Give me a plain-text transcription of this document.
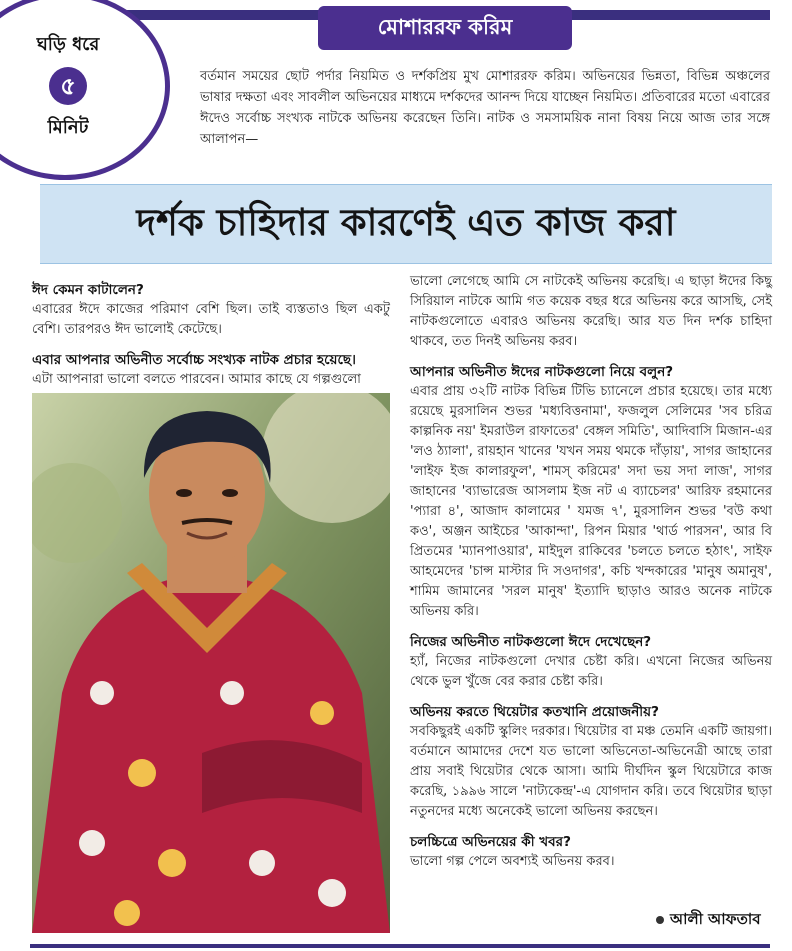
মোশাররফ করিম
ঘড়ি ধরে
৫
মিনিট
বর্তমান সময়ের ছোট পর্দার নিয়মিত ও দর্শকপ্রিয় মুখ মোশাররফ করিম। অভিনয়ের ভিন্নতা, বিভিন্ন অঞ্চলের ভাষার দক্ষতা এবং সাবলীল অভিনয়ের মাধ্যমে দর্শকদের আনন্দ দিয়ে যাচ্ছেন নিয়মিত। প্রতিবারের মতো এবারের ঈদেও সর্বোচ্চ সংখ্যক নাটকে অভিনয় করেছেন তিনি। নাটক ও সমসাময়িক নানা বিষয় নিয়ে আজ তার সঙ্গে আলাপন—
দর্শক চাহিদার কারণেই এত কাজ করা
ঈদ কেমন কাটালেন?
এবারের ঈদে কাজের পরিমাণ বেশি ছিল। তাই ব্যস্ততাও ছিল একটু বেশি। তারপরও ঈদ ভালোই কেটেছে।
এবার আপনার অভিনীত সর্বোচ্চ সংখ্যক নাটক প্রচার হয়েছে।
এটা আপনারা ভালো বলতে পারবেন। আমার কাছে যে গল্পগুলো
ভালো লেগেছে আমি সে নাটকেই অভিনয় করেছি। এ ছাড়া ঈদের কিছু সিরিয়াল নাটকে আমি গত কয়েক বছর ধরে অভিনয় করে আসছি, সেই নাটকগুলোতে এবারও অভিনয় করেছি। আর যত দিন দর্শক চাহিদা থাকবে, তত দিনই অভিনয় করব।
আপনার অভিনীত ঈদের নাটকগুলো নিয়ে বলুন?
এবার প্রায় ৩২টি নাটক বিভিন্ন টিভি চ্যানেলে প্রচার হয়েছে। তার মধ্যে রয়েছে মুরসালিন শুভর 'মধ্যবিত্তনামা', ফজলুল সেলিমের 'সব চরিত্র কাল্পনিক নয়' ইমরাউল রাফাতের' বেঙ্গল সমিতি', আদিবাসি মিজান-এর 'লও ঠ্যালা', রায়হান খানের 'যখন সময় থমকে দাঁড়ায়', সাগর জাহানের 'লাইফ ইজ কালারফুল', শামস্ করিমের' সদা ভয় সদা লাজ', সাগর জাহানের 'ব্যাভারেজ আসলাম ইজ নট এ ব্যাচেলর' আরিফ রহমানের 'প্যারা ৪', আজাদ কালামের ' যমজ ৭', মুরসালিন শুভর 'বউ কথা কও', অঞ্জন আইচের 'আকান্দা', রিপন মিয়ার 'থার্ড পারসন', আর বি প্রিতমের 'ম্যানপাওয়ার', মাইদুল রাকিবের 'চলতে চলতে হঠাৎ', সাইফ আহমেদের 'চান্স মাস্টার দি সওদাগর', কচি খন্দকারের 'মানুষ অমানুষ', শামিম জামানের 'সরল মানুষ' ইত্যাদি ছাড়াও আরও অনেক নাটকে অভিনয় করি।
নিজের অভিনীত নাটকগুলো ঈদে দেখেছেন?
হ্যাঁ, নিজের নাটকগুলো দেখার চেষ্টা করি। এখনো নিজের অভিনয় থেকে ভুল খুঁজে বের করার চেষ্টা করি।
অভিনয় করতে থিয়েটার কতখানি প্রয়োজনীয়?
সবকিছুরই একটি স্কুলিং দরকার। থিয়েটার বা মঞ্চ তেমনি একটি জায়গা। বর্তমানে আমাদের দেশে যত ভালো অভিনেতা-অভিনেত্রী আছে তারা প্রায় সবাই থিয়েটার থেকে আসা। আমি দীর্ঘদিন স্কুল থিয়েটারে কাজ করেছি, ১৯৯৬ সালে 'নাট্যকেন্দ্র'-এ যোগদান করি। তবে থিয়েটার ছাড়া নতুনদের মধ্যে অনেকেই ভালো অভিনয় করছেন।
চলচ্চিত্রে অভিনয়ের কী খবর?
ভালো গল্প পেলে অবশ্যই অভিনয় করব।
আলী আফতাব
